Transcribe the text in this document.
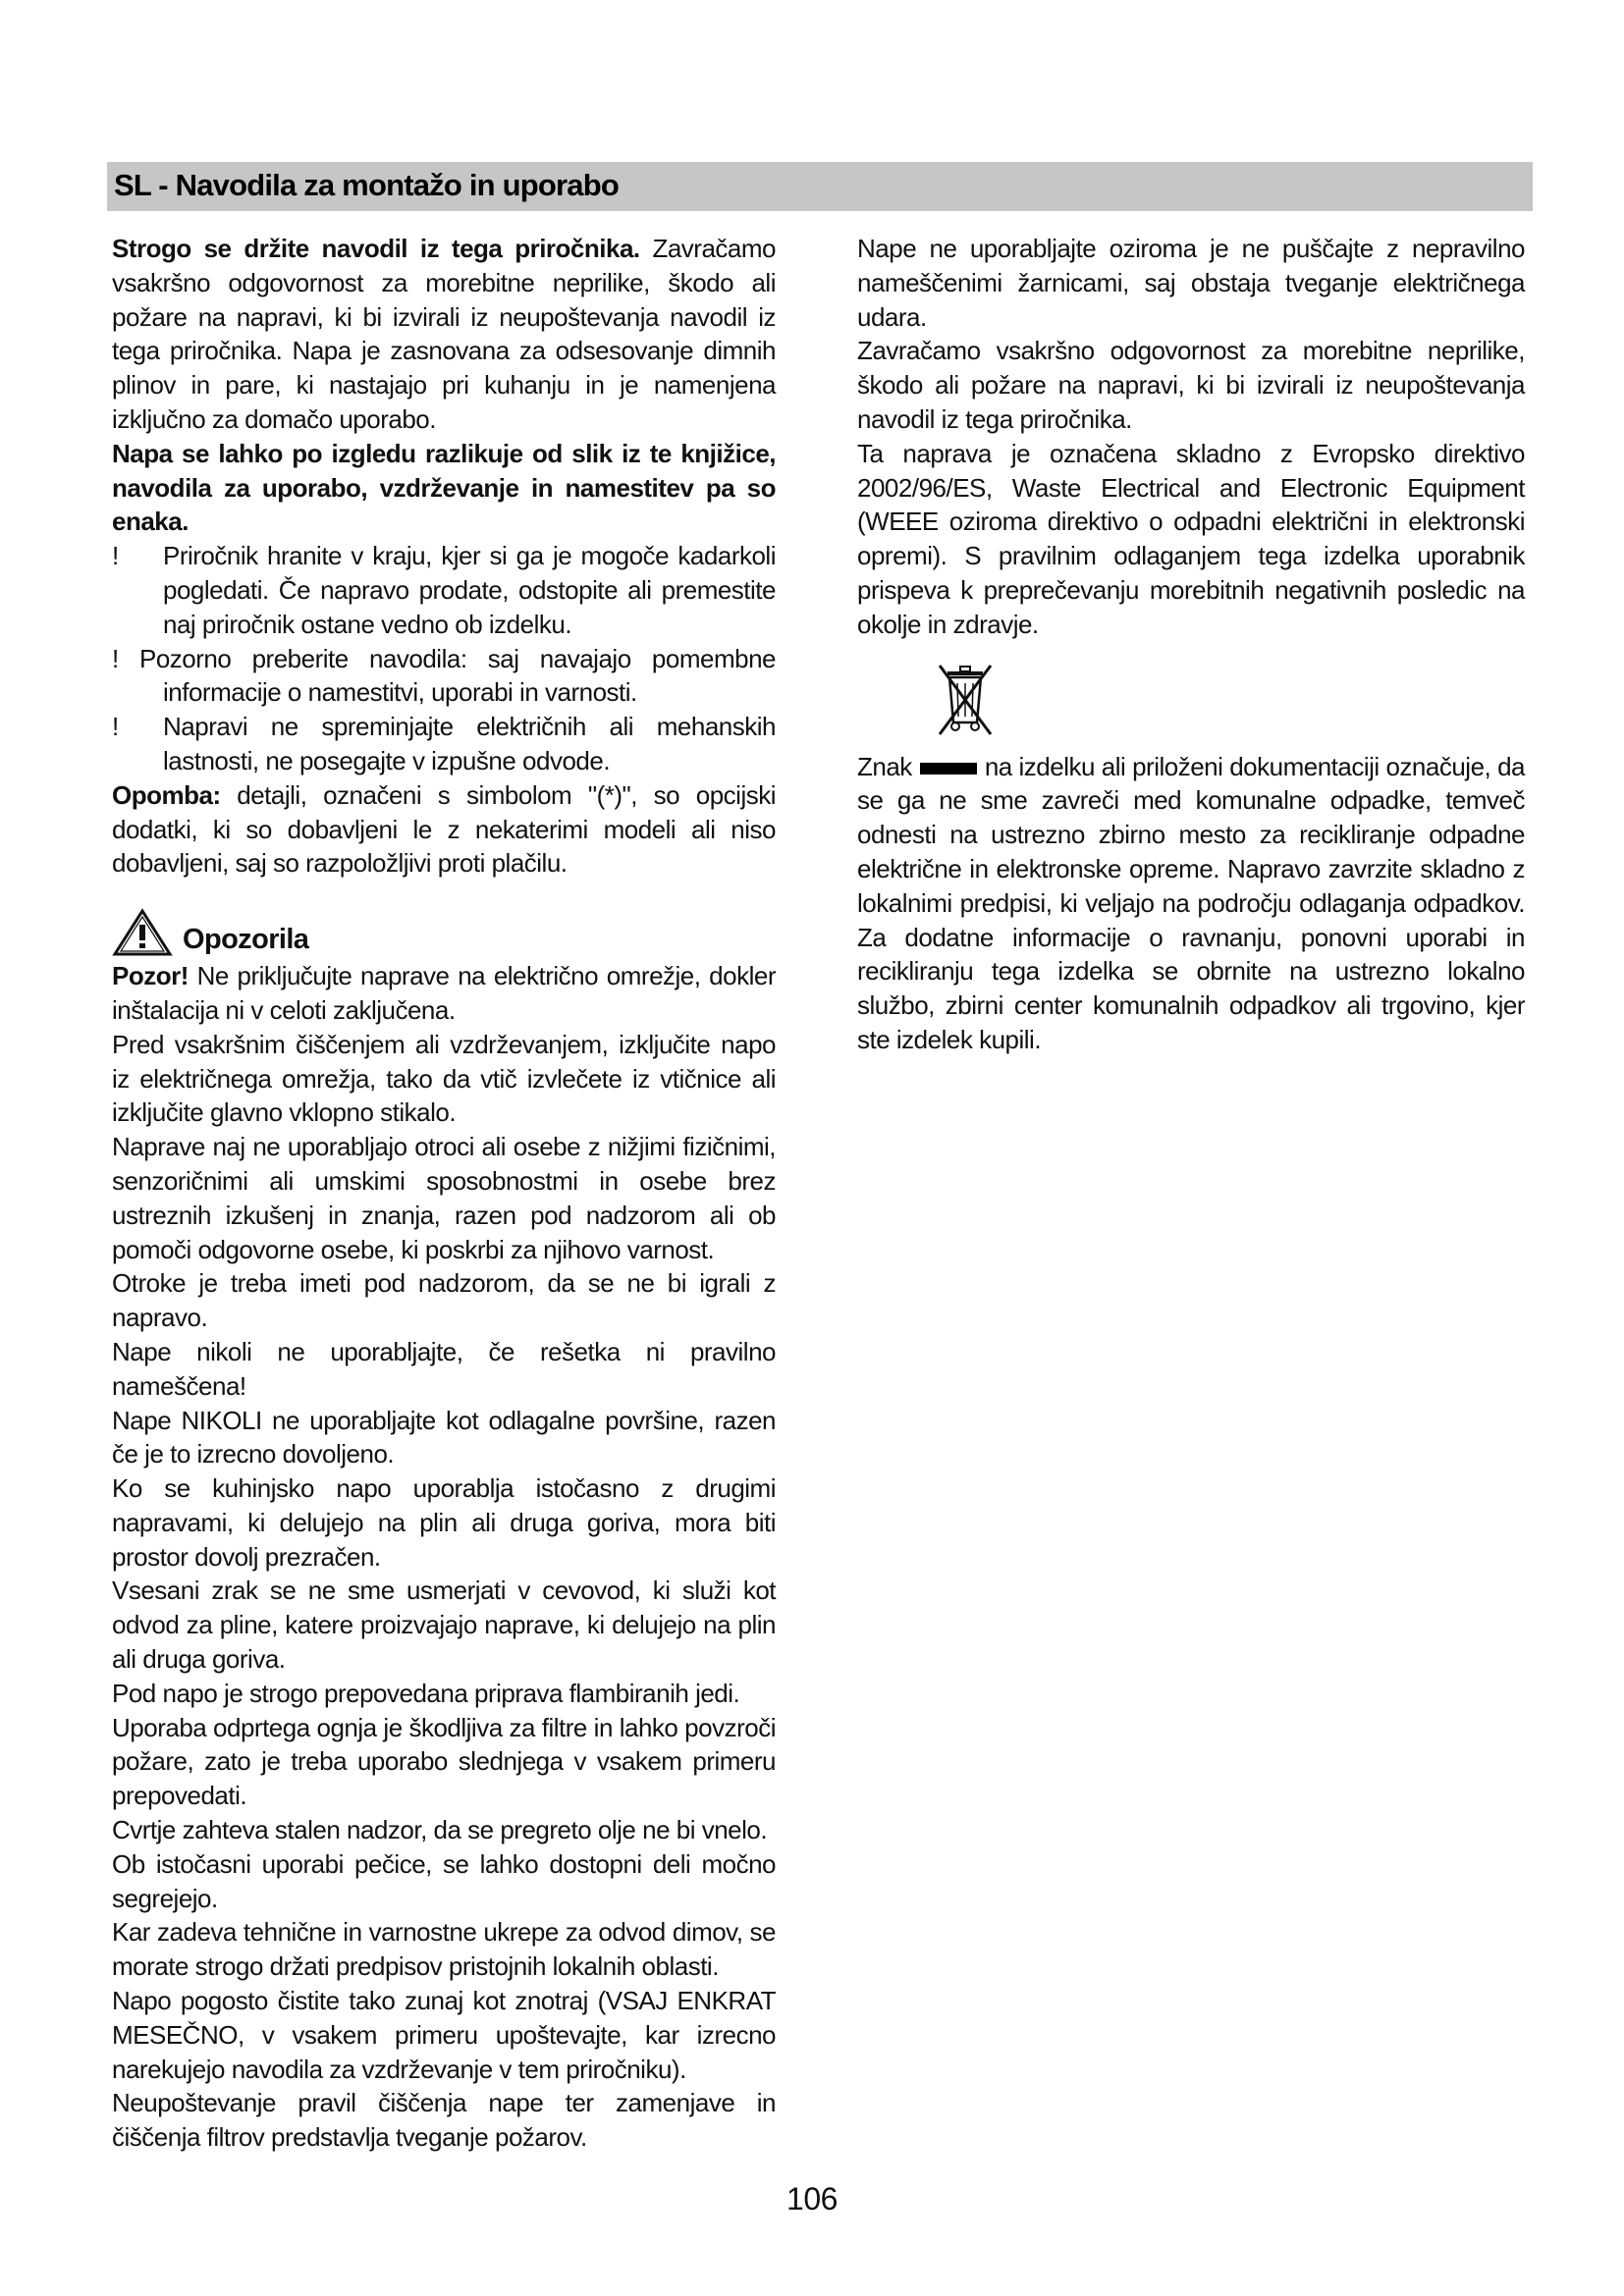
SL - Navodila za montažo in uporabo

Strogo se držite navodil iz tega priročnika. Zavračamo vsakršno odgovornost za morebitne neprilike, škodo ali požare na napravi, ki bi izvirali iz neupoštevanja navodil iz tega priročnika. Napa je zasnovana za odsesovanje dimnih plinov in pare, ki nastajajo pri kuhanju in je namenjena izključno za domačo uporabo.

Napa se lahko po izgledu razlikuje od slik iz te knjižice, navodila za uporabo, vzdrževanje in namestitev pa so enaka.

!	Priročnik hranite v kraju, kjer si ga je mogoče kadarkoli pogledati. Če napravo prodate, odstopite ali premestite naj priročnik ostane vedno ob izdelku.
! Pozorno preberite navodila: saj navajajo pomembne informacije o namestitvi, uporabi in varnosti.
!	Napravi ne spreminjajte električnih ali mehanskih lastnosti, ne posegajte v izpušne odvode.

Opomba: detajli, označeni s simbolom "(*)", so opcijski dodatki, ki so dobavljeni le z nekaterimi modeli ali niso dobavljeni, saj so razpoložljivi proti plačilu.

Opozorila

Pozor! Ne priključujte naprave na električno omrežje, dokler inštalacija ni v celoti zaključena.

Pred vsakršnim čiščenjem ali vzdrževanjem, izključite napo iz električnega omrežja, tako da vtič izvlečete iz vtičnice ali izključite glavno vklopno stikalo.

Naprave naj ne uporabljajo otroci ali osebe z nižjimi fizičnimi, senzoričnimi ali umskimi sposobnostmi in osebe brez ustreznih izkušenj in znanja, razen pod nadzorom ali ob pomoči odgovorne osebe, ki poskrbi za njihovo varnost.

Otroke je treba imeti pod nadzorom, da se ne bi igrali z napravo.

Nape nikoli ne uporabljajte, če rešetka ni pravilno nameščena!

Nape NIKOLI ne uporabljajte kot odlagalne površine, razen če je to izrecno dovoljeno.

Ko se kuhinjsko napo uporablja istočasno z drugimi napravami, ki delujejo na plin ali druga goriva, mora biti prostor dovolj prezračen.

Vsesani zrak se ne sme usmerjati v cevovod, ki služi kot odvod za pline, katere proizvajajo naprave, ki delujejo na plin ali druga goriva.

Pod napo je strogo prepovedana priprava flambiranih jedi.

Uporaba odprtega ognja je škodljiva za filtre in lahko povzroči požare, zato je treba uporabo slednjega v vsakem primeru prepovedati.

Cvrtje zahteva stalen nadzor, da se pregreto olje ne bi vnelo.

Ob istočasni uporabi pečice, se lahko dostopni deli močno segrejejo.

Kar zadeva tehnične in varnostne ukrepe za odvod dimov, se morate strogo držati predpisov pristojnih lokalnih oblasti.

Napo pogosto čistite tako zunaj kot znotraj (VSAJ ENKRAT MESEČNO, v vsakem primeru upoštevajte, kar izrecno narekujejo navodila za vzdrževanje v tem priročniku).

Neupoštevanje pravil čiščenja nape ter zamenjave in čiščenja filtrov predstavlja tveganje požarov.

Nape ne uporabljajte oziroma je ne puščajte z nepravilno nameščenimi žarnicami, saj obstaja tveganje električnega udara.

Zavračamo vsakršno odgovornost za morebitne neprilike, škodo ali požare na napravi, ki bi izvirali iz neupoštevanja navodil iz tega priročnika.

Ta naprava je označena skladno z Evropsko direktivo 2002/96/ES, Waste Electrical and Electronic Equipment (WEEE oziroma direktivo o odpadni električni in elektronski opremi). S pravilnim odlaganjem tega izdelka uporabnik prispeva k preprečevanju morebitnih negativnih posledic na okolje in zdravje.

Znak	na izdelku ali priloženi dokumentaciji označuje, da se ga ne sme zavreči med komunalne odpadke, temveč odnesti na ustrezno zbirno mesto za recikliranje odpadne električne in elektronske opreme. Napravo zavrzite skladno z lokalnimi predpisi, ki veljajo na področju odlaganja odpadkov. Za dodatne informacije o ravnanju, ponovni uporabi in recikliranju tega izdelka se obrnite na ustrezno lokalno službo, zbirni center komunalnih odpadkov ali trgovino, kjer ste izdelek kupili.

106
